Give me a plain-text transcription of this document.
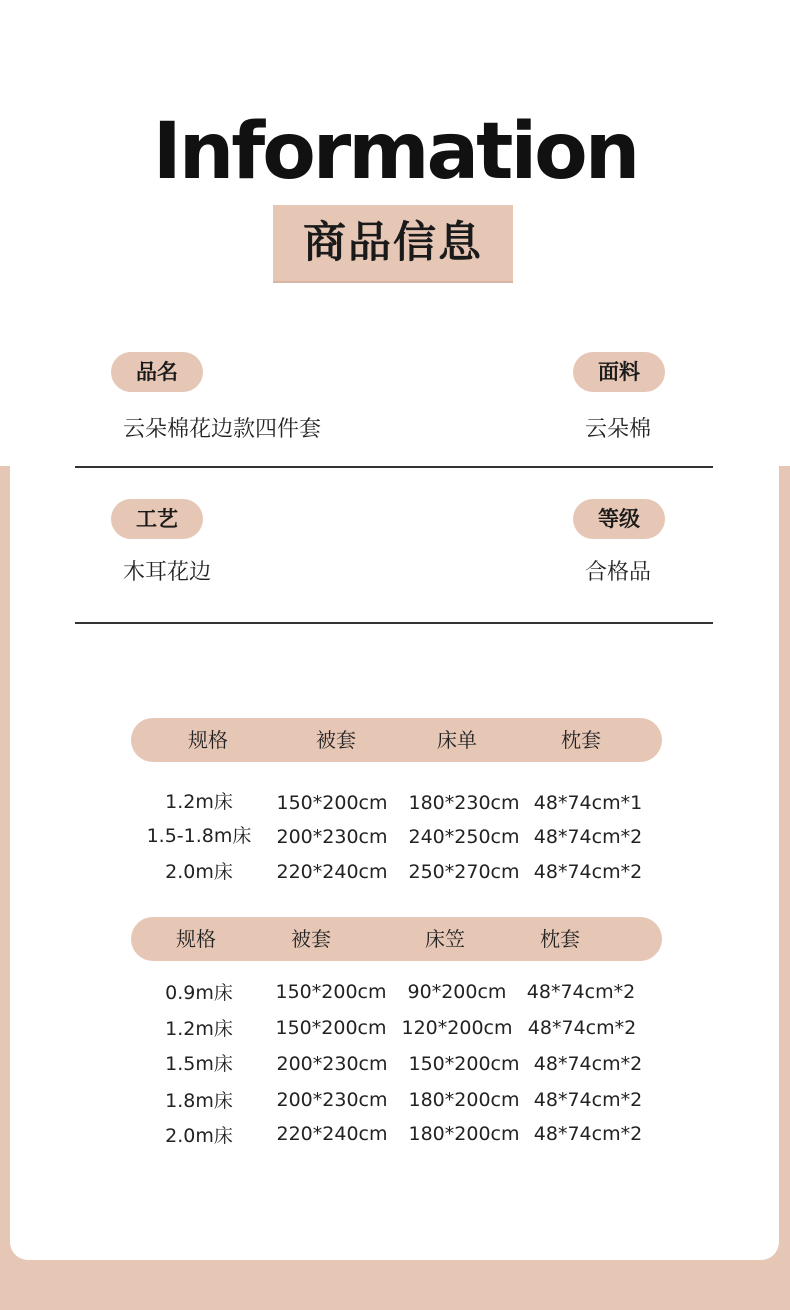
Information
商品信息
品名	面料
云朵棉花边款四件套	云朵棉
工艺	等级
木耳花边	合格品
规格	被套	床单	枕套
1.2m床 150*200cm 180*230cm 48*74cm*1
1.5-1.8m床 200*230cm 240*250cm 48*74cm*2
2.0m床 220*240cm 250*270cm 48*74cm*2
规格	被套	床笠	枕套
0.9m床 150*200cm 90*200cm 48*74cm*2
1.2m床 150*200cm 120*200cm 48*74cm*2
1.5m床 200*230cm 150*200cm 48*74cm*2
1.8m床 200*230cm 180*200cm 48*74cm*2
2.0m床 220*240cm 180*200cm 48*74cm*2
